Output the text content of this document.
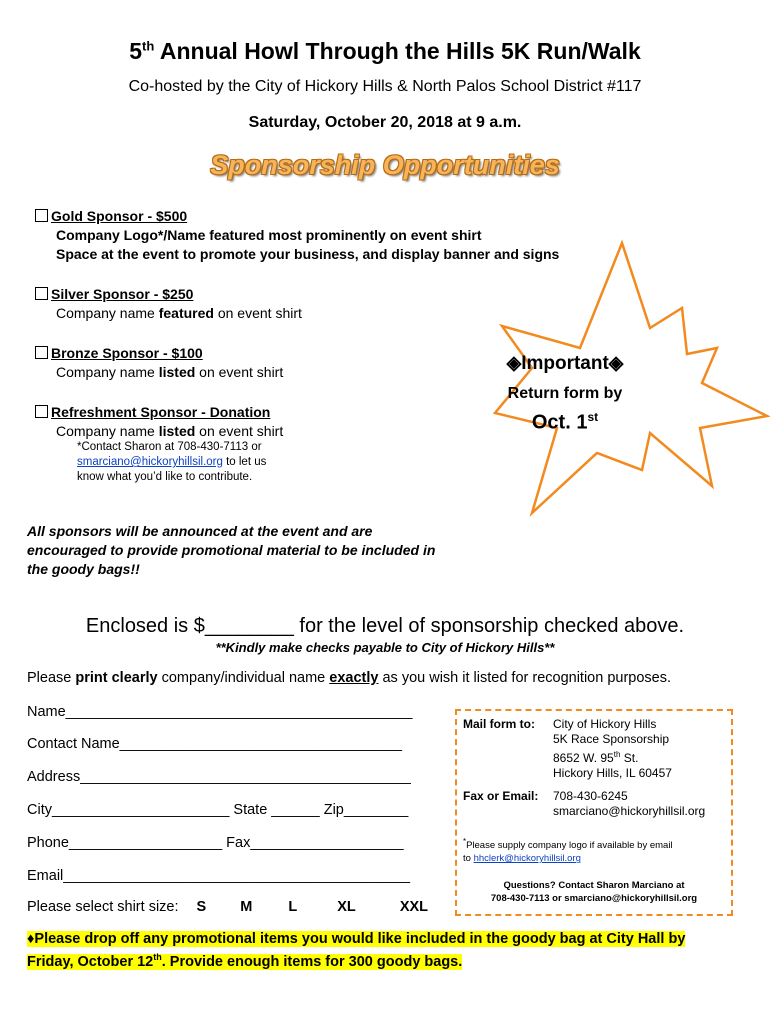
5th Annual Howl Through the Hills 5K Run/Walk
Co-hosted by the City of Hickory Hills & North Palos School District #117
Saturday, October 20, 2018 at 9 a.m.
Sponsorship Opportunities
Gold Sponsor - $500
Company Logo*/Name featured most prominently on event shirt
Space at the event to promote your business, and display banner and signs
Silver Sponsor - $250
Company name featured on event shirt
Bronze Sponsor - $100
Company name listed on event shirt
Refreshment Sponsor - Donation
Company name listed on event shirt
*Contact Sharon at 708-430-7113 or
smarciano@hickoryhillsil.org to let us
know what you’d like to contribute.
◈Important◈
Return form by
Oct. 1st
All sponsors will be announced at the event and are encouraged to provide promotional material to be included in the goody bags!!
Enclosed is $________ for the level of sponsorship checked above.
**Kindly make checks payable to City of Hickory Hills**
Please print clearly company/individual name exactly as you wish it listed for recognition purposes.
Name___________________________________________
Contact Name___________________________________
Address_________________________________________
City______________________ State ______ Zip________
Phone___________________ Fax___________________
Email___________________________________________
Please select shirt size: S M L	XL	XXL
Mail form to: City of Hickory Hills
5K Race Sponsorship
8652 W. 95th St.
Hickory Hills, IL 60457
Fax or Email: 708-430-6245
smarciano@hickoryhillsil.org
*Please supply company logo if available by email
to hhclerk@hickoryhillsil.org
Questions? Contact Sharon Marciano at
708-430-7113 or smarciano@hickoryhillsil.org
♦Please drop off any promotional items you would like included in the goody bag at City Hall by
Friday, October 12th. Provide enough items for 300 goody bags.
